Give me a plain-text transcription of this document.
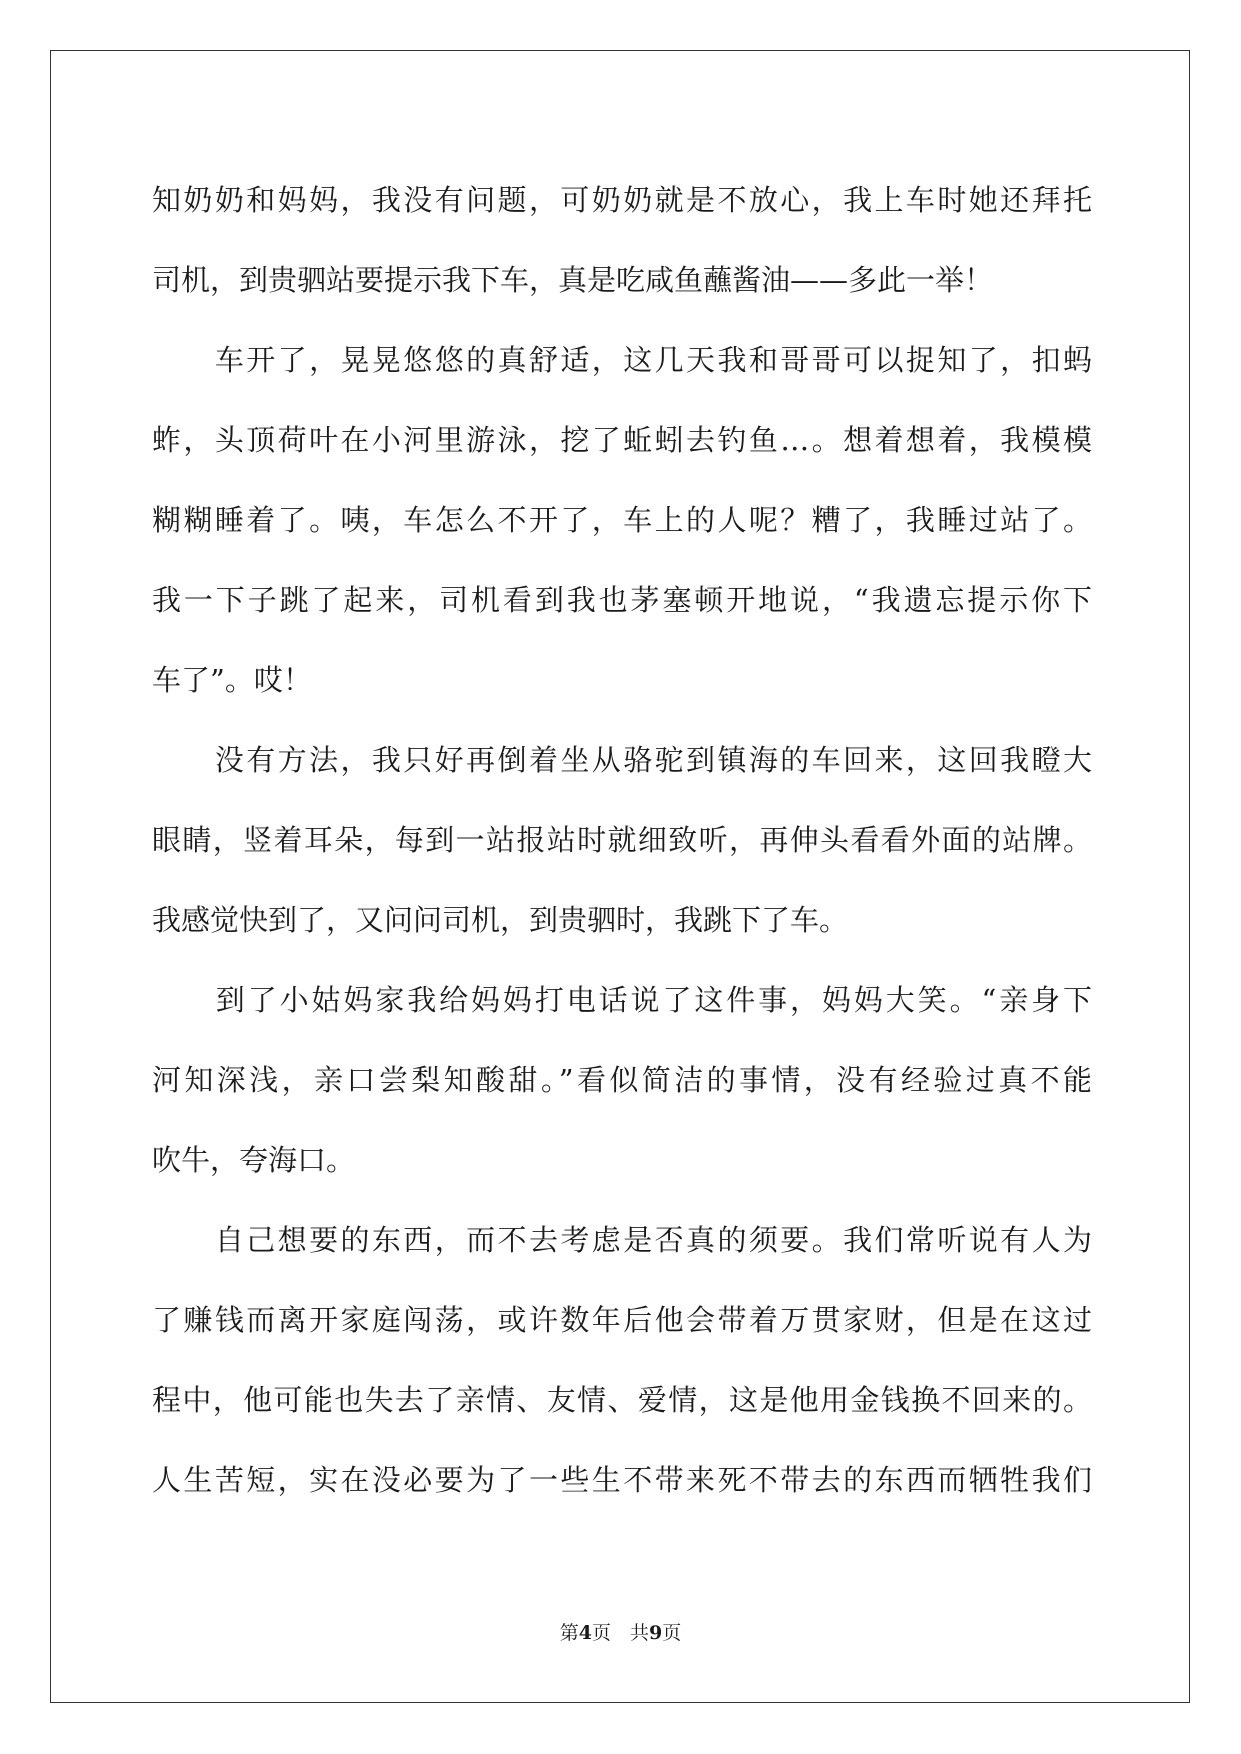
知奶奶和妈妈，我没有问题，可奶奶就是不放心，我上车时她还拜托
司机，到贵驷站要提示我下车，真是吃咸鱼蘸酱油——多此一举！
　　车开了，晃晃悠悠的真舒适，这几天我和哥哥可以捉知了，扣蚂
蚱，头顶荷叶在小河里游泳，挖了蚯蚓去钓鱼…。想着想着，我模模
糊糊睡着了。咦，车怎么不开了，车上的人呢？糟了，我睡过站了。
我一下子跳了起来，司机看到我也茅塞顿开地说，“我遗忘提示你下
车了”。哎！
　　没有方法，我只好再倒着坐从骆驼到镇海的车回来，这回我瞪大
眼睛，竖着耳朵，每到一站报站时就细致听，再伸头看看外面的站牌。
我感觉快到了，又问问司机，到贵驷时，我跳下了车。
　　到了小姑妈家我给妈妈打电话说了这件事，妈妈大笑。“亲身下
河知深浅，亲口尝梨知酸甜。”看似简洁的事情，没有经验过真不能
吹牛，夸海口。
　　自己想要的东西，而不去考虑是否真的须要。我们常听说有人为
了赚钱而离开家庭闯荡，或许数年后他会带着万贯家财，但是在这过
程中，他可能也失去了亲情、友情、爱情，这是他用金钱换不回来的。
人生苦短，实在没必要为了一些生不带来死不带去的东西而牺牲我们
第4页　共9页
